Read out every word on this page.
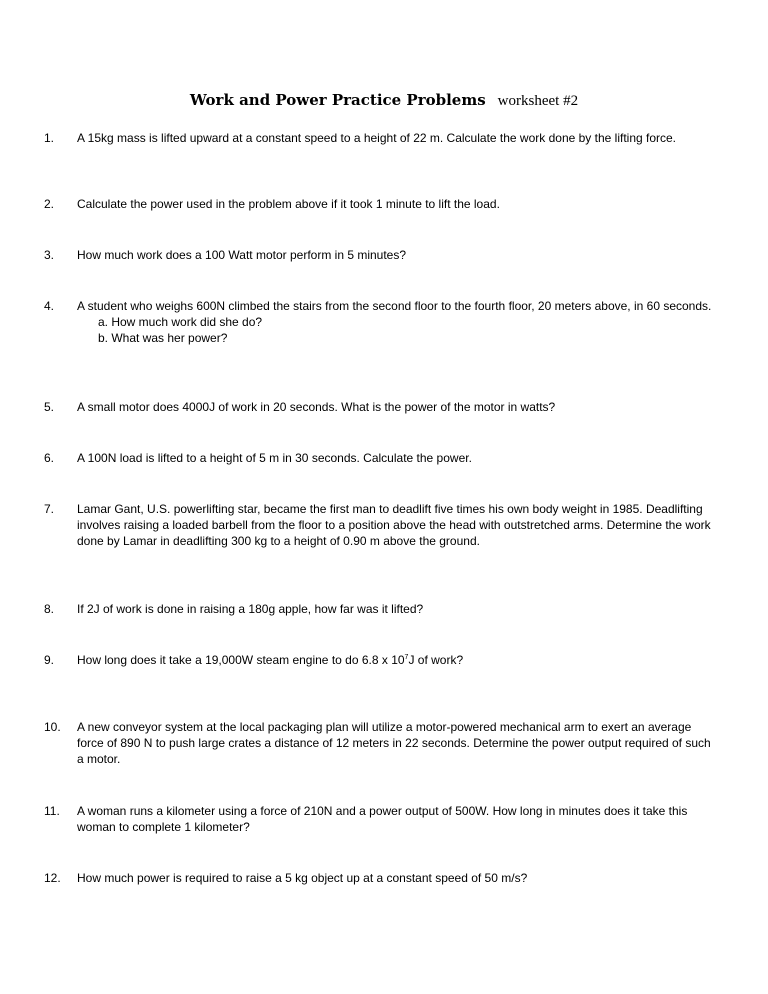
Work and Power Practice Problems worksheet #2
1.	A 15kg mass is lifted upward at a constant speed to a height of 22 m. Calculate the work done by the lifting force.
2.	Calculate the power used in the problem above if it took 1 minute to lift the load.
3.	How much work does a 100 Watt motor perform in 5 minutes?
4.	A student who weighs 600N climbed the stairs from the second floor to the fourth floor, 20 meters above, in 60 seconds.
a. How much work did she do?
b. What was her power?
5.	A small motor does 4000J of work in 20 seconds. What is the power of the motor in watts?
6.	A 100N load is lifted to a height of 5 m in 30 seconds. Calculate the power.
7.	Lamar Gant, U.S. powerlifting star, became the first man to deadlift five times his own body weight in 1985. Deadlifting involves raising a loaded barbell from the floor to a position above the head with outstretched arms. Determine the work done by Lamar in deadlifting 300 kg to a height of 0.90 m above the ground.
8.	If 2J of work is done in raising a 180g apple, how far was it lifted?
9.	How long does it take a 19,000W steam engine to do 6.8 x $10^7J$ of work?
10.	A new conveyor system at the local packaging plan will utilize a motor-powered mechanical arm to exert an average force of 890 N to push large crates a distance of 12 meters in 22 seconds. Determine the power output required of such a motor.
11.	A woman runs a kilometer using a force of 210N and a power output of 500W. How long in minutes does it take this woman to complete 1 kilometer?
12.	How much power is required to raise a 5 kg object up at a constant speed of 50 m/s?
